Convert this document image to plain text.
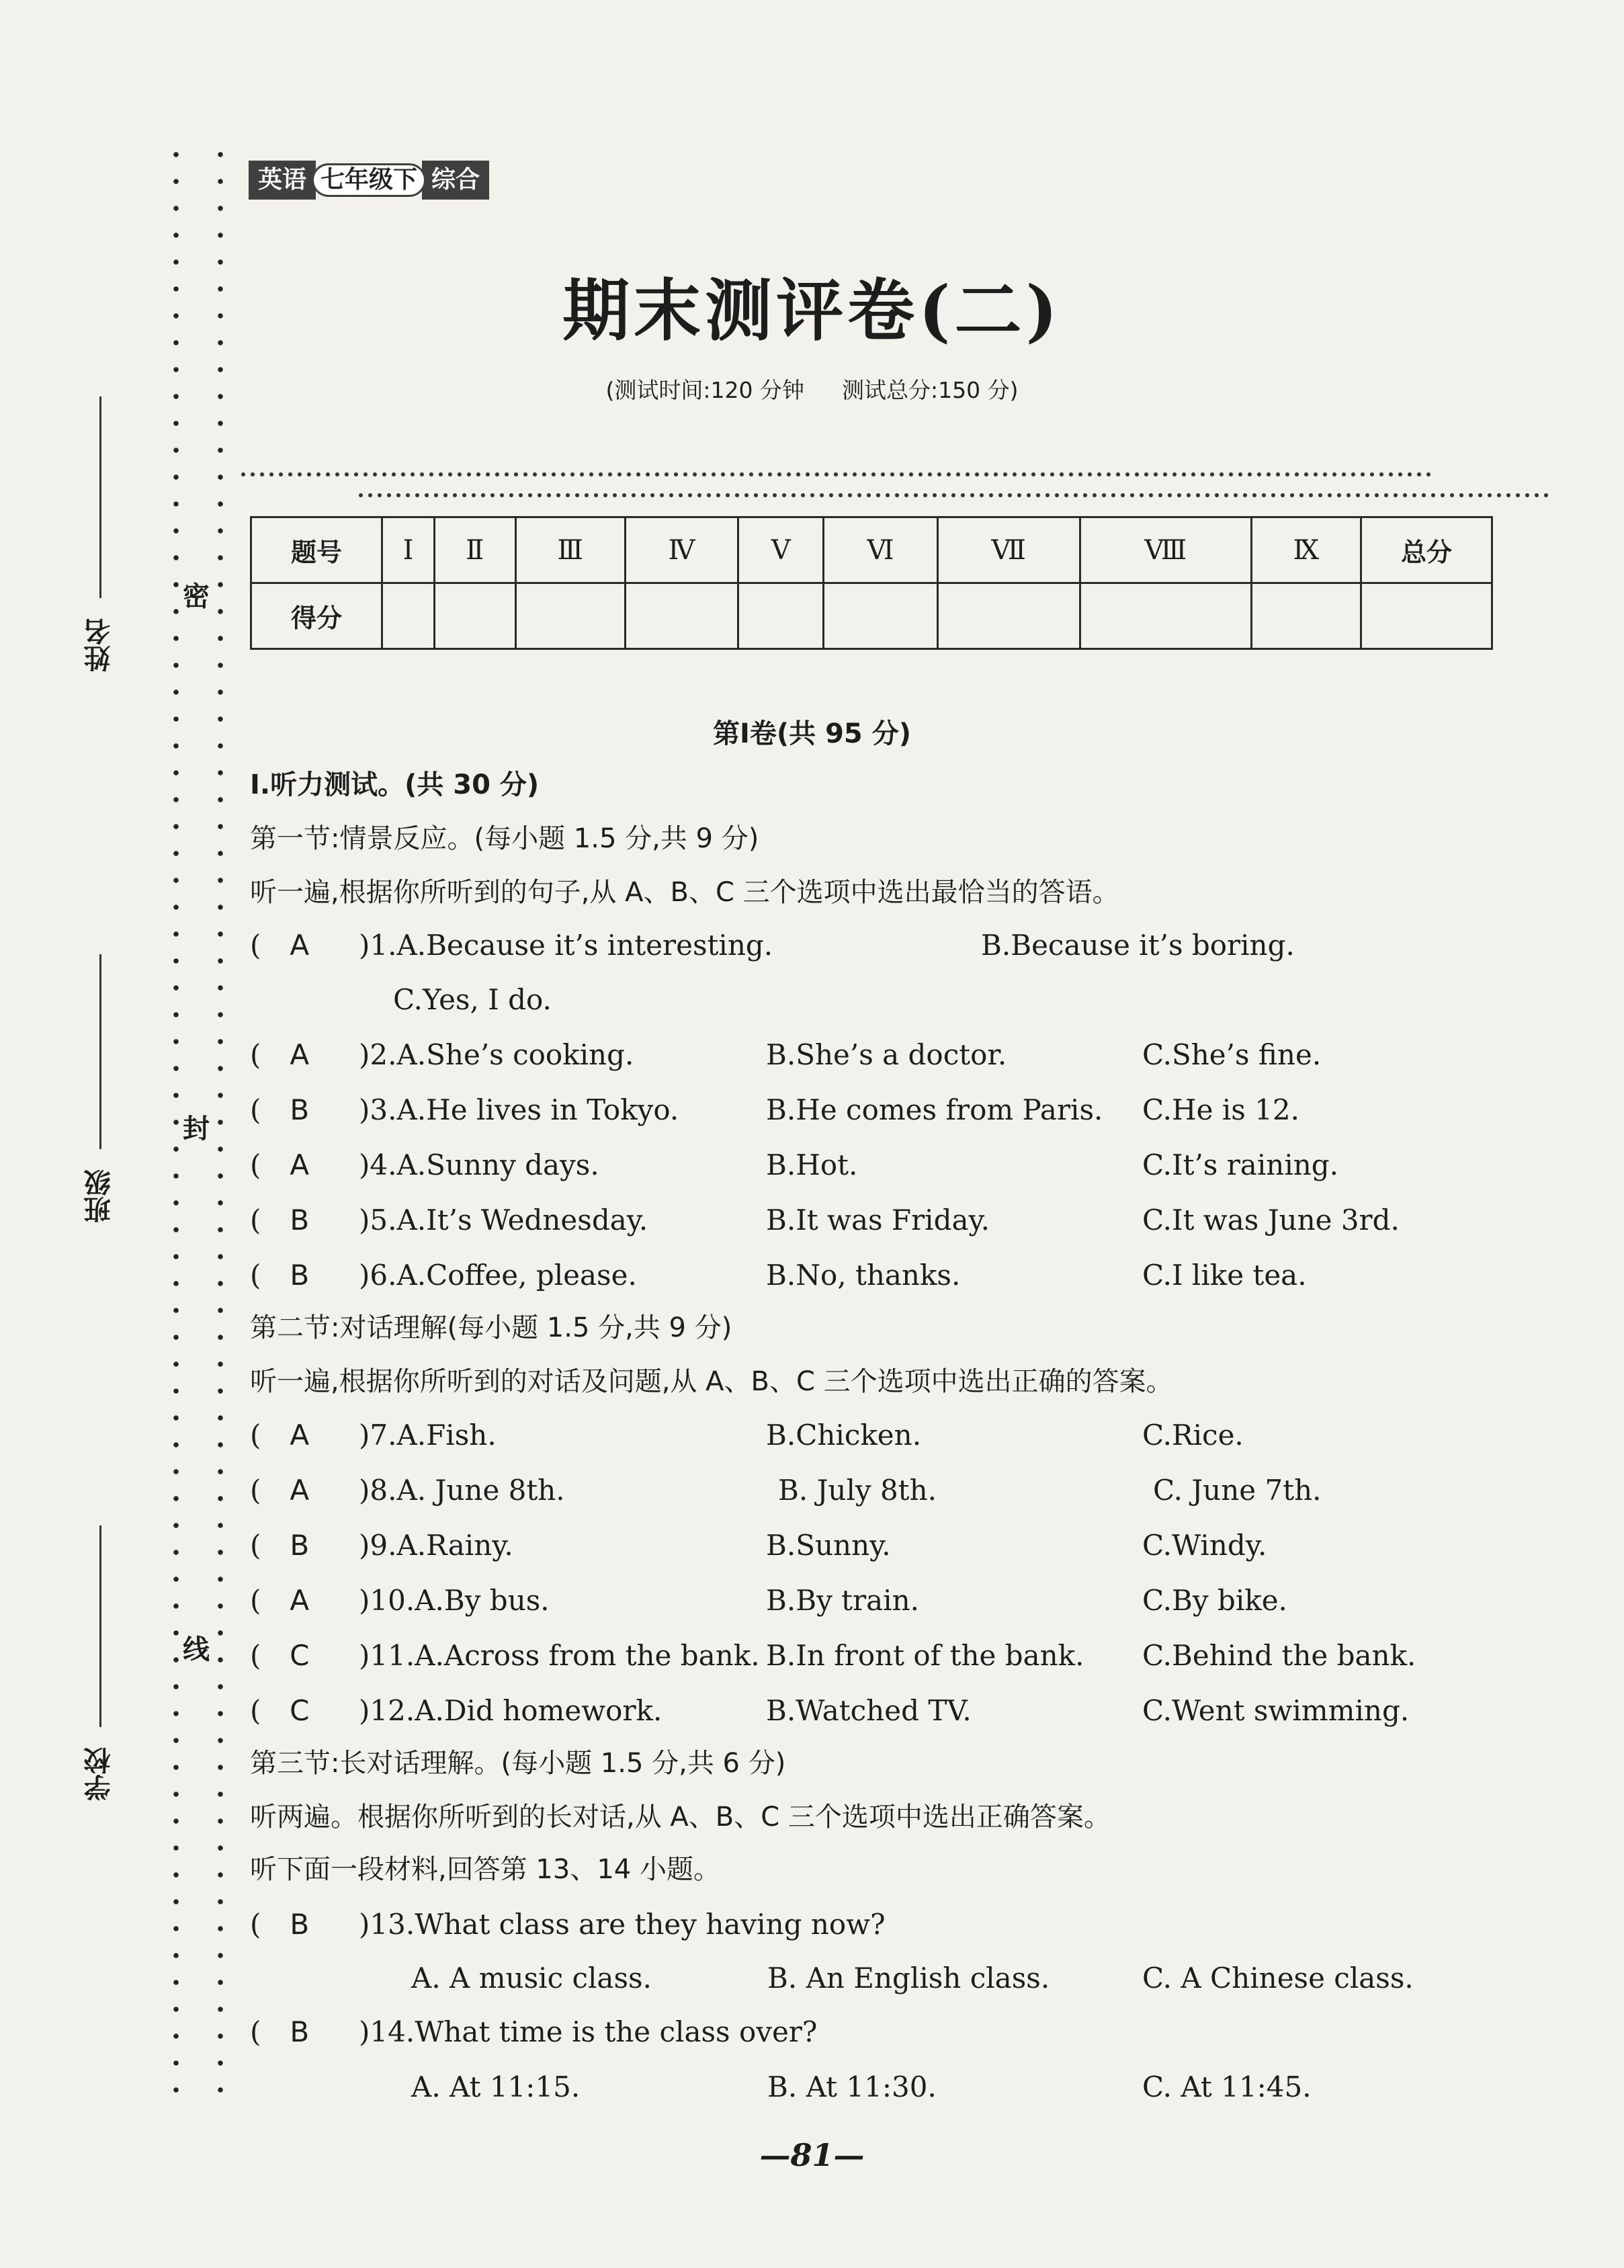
密
封
线
姓名
班级
学校
英语 七年级下 综合
期末测评卷(二)
(测试时间:120 分钟 测试总分:150 分)
题号	Ⅰ	Ⅱ	Ⅲ	Ⅳ	Ⅴ	Ⅵ	Ⅶ	Ⅷ	Ⅸ	总分
得分										
第Ⅰ卷(共 95 分)
Ⅰ.听力测试。(共 30 分)
第一节:情景反应。(每小题 1.5 分,共 9 分)
听一遍,根据你所听到的句子,从 A、B、C 三个选项中选出最恰当的答语。
( A )1.A.Because it’s interesting.	B.Because it’s boring.
C.Yes, I do.
( A )2.A.She’s cooking.	B.She’s a doctor.	C.She’s fine.
( B )3.A.He lives in Tokyo.	B.He comes from Paris. C.He is 12.
( A )4.A.Sunny days.	B.Hot.	C.It’s raining.
( B )5.A.It’s Wednesday.	B.It was Friday.	C.It was June 3rd.
( B )6.A.Coffee, please.	B.No, thanks.	C.I like tea.
第二节:对话理解(每小题 1.5 分,共 9 分)
听一遍,根据你所听到的对话及问题,从 A、B、C 三个选项中选出正确的答案。
( A )7.A.Fish.	B.Chicken.	C.Rice.
( A )8.A. June 8th.	B. July 8th.	C. June 7th.
( B )9.A.Rainy.	B.Sunny.	C.Windy.
( A )10.A.By bus.	B.By train.	C.By bike.
( C )11.A.Across from the bank. B.In front of the bank. C.Behind the bank.
( C )12.A.Did homework.	B.Watched TV.	C.Went swimming.
第三节:长对话理解。(每小题 1.5 分,共 6 分)
听两遍。根据你所听到的长对话,从 A、B、C 三个选项中选出正确答案。
听下面一段材料,回答第 13、14 小题。
( B )13.What class are they having now?
A. A music class.	B. An English class.	C. A Chinese class.
( B )14.What time is the class over?
A. At 11:15.	B. At 11:30.	C. At 11:45.
—81—
